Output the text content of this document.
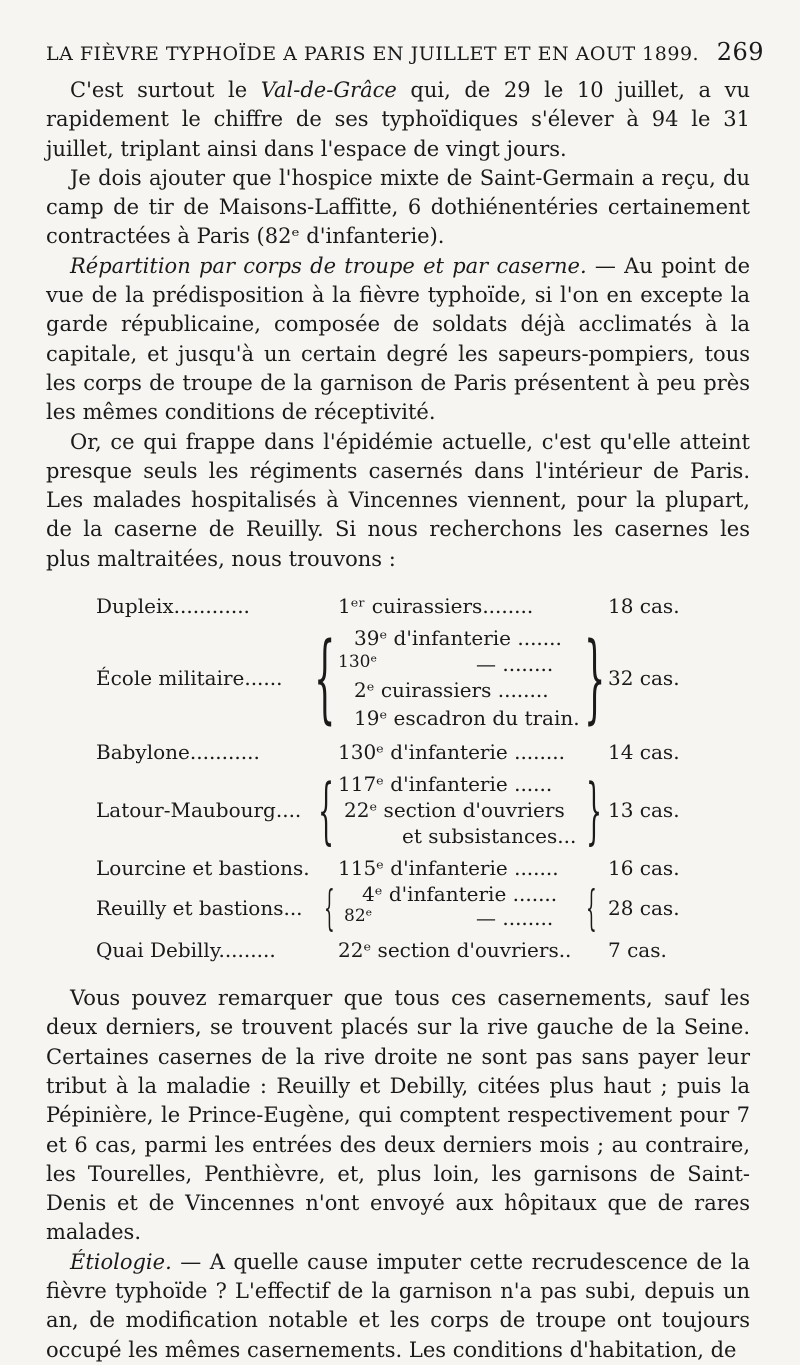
LA FIÈVRE TYPHOÏDE A PARIS EN JUILLET ET EN AOUT 1899. 269

C'est surtout le Val-de-Grâce qui, de 29 le 10 juillet, a vu rapidement le chiffre de ses typhoïdiques s'élever à 94 le 31 juillet, triplant ainsi dans l'espace de vingt jours.

Je dois ajouter que l'hospice mixte de Saint-Germain a reçu, du camp de tir de Maisons-Laffitte, 6 dothiénentéries certainement contractées à Paris (82ᵉ d'infanterie).

Répartition par corps de troupe et par caserne. — Au point de vue de la prédisposition à la fièvre typhoïde, si l'on en excepte la garde républicaine, composée de soldats déjà acclimatés à la capitale, et jusqu'à un certain degré les sapeurs-pompiers, tous les corps de troupe de la garnison de Paris présentent à peu près les mêmes conditions de réceptivité.

Or, ce qui frappe dans l'épidémie actuelle, c'est qu'elle atteint presque seuls les régiments casernés dans l'intérieur de Paris. Les malades hospitalisés à Vincennes viennent, pour la plupart, de la caserne de Reuilly. Si nous recherchons les casernes les plus maltraitées, nous trouvons :

Dupleix............	1ᵉʳ cuirassiers........	18 cas.
École militaire...... { 39ᵉ d'infanterie .......
130ᵉ	— ........
2ᵉ cuirassiers ........
19ᵉ escadron du train. } 32 cas.
Babylone...........	130ᵉ d'infanterie ........ 14 cas.
Latour-Maubourg.... { 117ᵉ d'infanterie ......
22ᵉ section d'ouvriers
et subsistances... } 13 cas.
Lourcine et bastions. 115ᵉ d'infanterie ....... 16 cas.
Reuilly et bastions... { 4ᵉ d'infanterie .......
82ᵉ	— ........ { 28 cas.
Quai Debilly.........	22ᵉ section d'ouvriers.. 7 cas.

Vous pouvez remarquer que tous ces casernements, sauf les deux derniers, se trouvent placés sur la rive gauche de la Seine. Certaines casernes de la rive droite ne sont pas sans payer leur tribut à la maladie : Reuilly et Debilly, citées plus haut ; puis la Pépinière, le Prince-Eugène, qui comptent respectivement pour 7 et 6 cas, parmi les entrées des deux derniers mois ; au contraire, les Tourelles, Penthièvre, et, plus loin, les garnisons de Saint-Denis et de Vincennes n'ont envoyé aux hôpitaux que de rares malades.

Étiologie. — A quelle cause imputer cette recrudescence de la fièvre typhoïde ? L'effectif de la garnison n'a pas subi, depuis un an, de modification notable et les corps de troupe ont toujours occupé les mêmes casernements. Les conditions d'habitation, de
